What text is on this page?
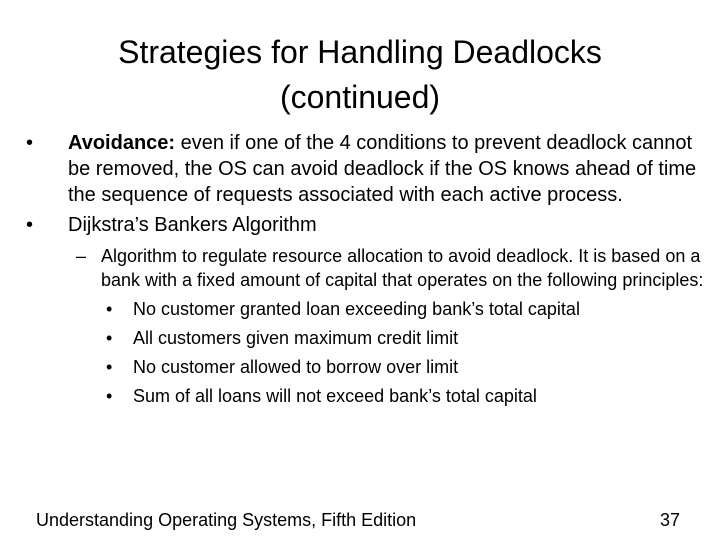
Strategies for Handling Deadlocks
(continued)
•	Avoidance: even if one of the 4 conditions to prevent deadlock cannot be removed, the OS can avoid deadlock if the OS knows ahead of time the sequence of requests associated with each active process.
•	Dijkstra’s Bankers Algorithm
– Algorithm to regulate resource allocation to avoid deadlock. It is based on a bank with a fixed amount of capital that operates on the following principles:
• No customer granted loan exceeding bank’s total capital
• All customers given maximum credit limit
• No customer allowed to borrow over limit
• Sum of all loans will not exceed bank’s total capital
Understanding Operating Systems, Fifth Edition	37
